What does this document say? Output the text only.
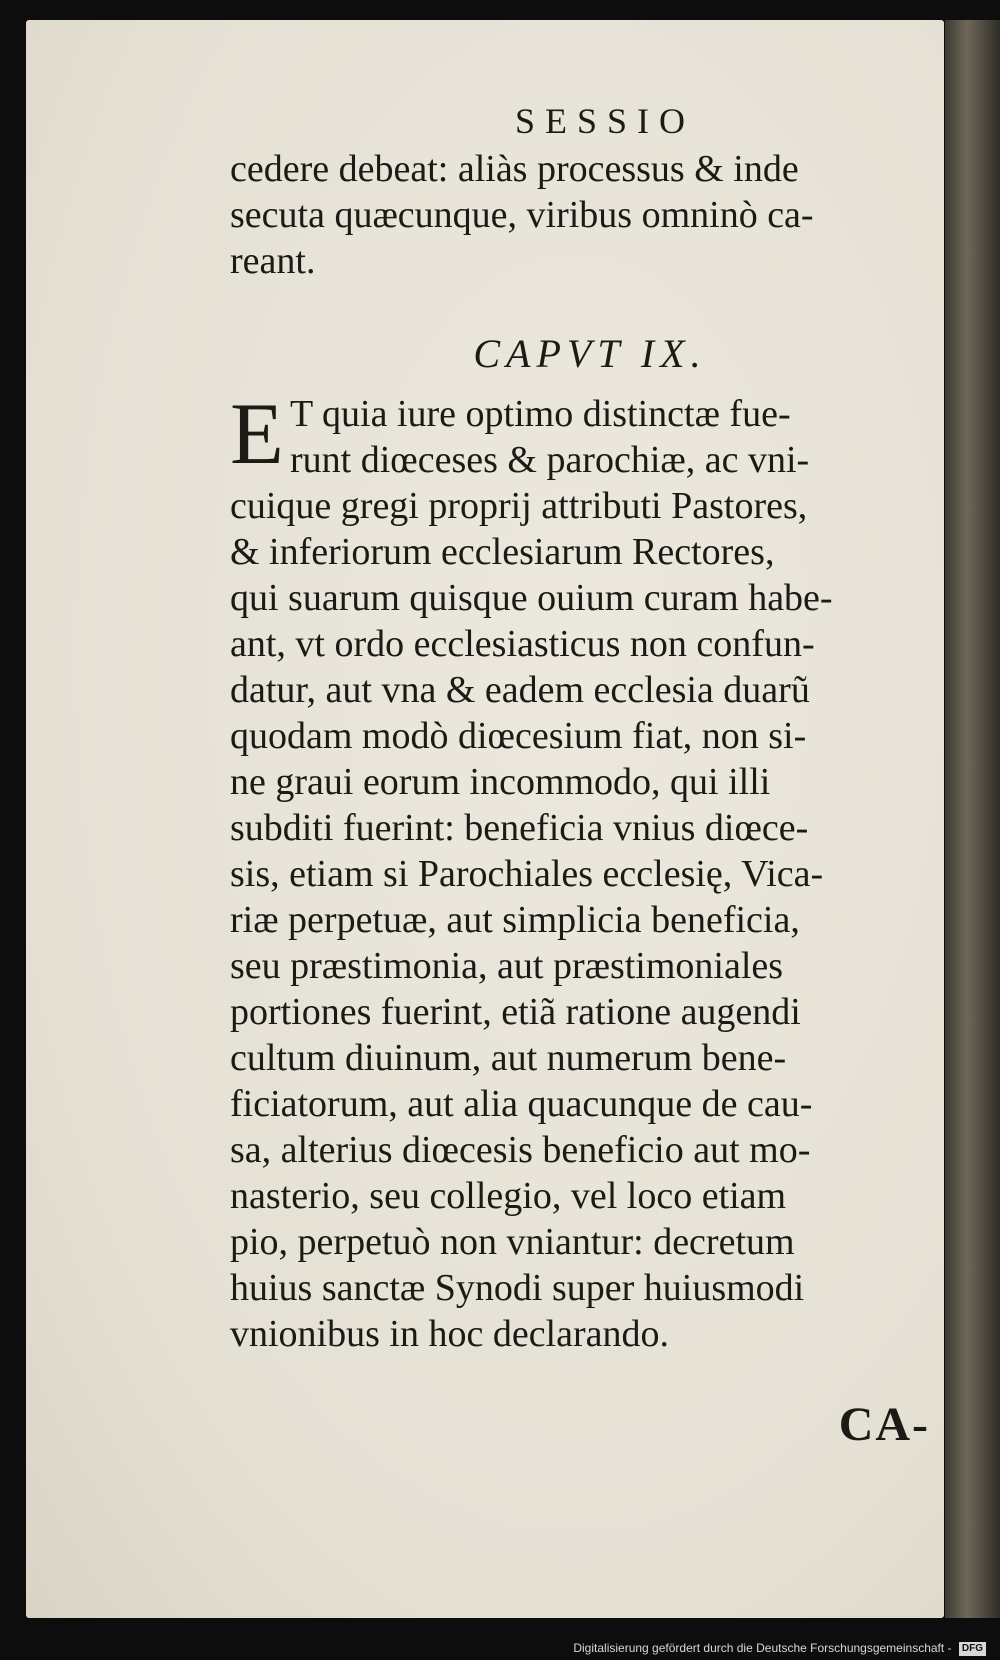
SESSIO
cedere debeat: aliàs processus & inde
secuta quæcunque, viribus omninò ca-
reant.
CAPVT IX.
E T quia iure optimo distinctæ fue-
runt diœceses & parochiæ, ac vni-
cuique gregi proprij attributi Pastores,
& inferiorum ecclesiarum Rectores,
qui suarum quisque ouium curam habe-
ant, vt ordo ecclesiasticus non confun-
datur, aut vna & eadem ecclesia duarũ
quodam modò diœcesium fiat, non si-
ne graui eorum incommodo, qui illi
subditi fuerint: beneficia vnius diœce-
sis, etiam si Parochiales ecclesię, Vica-
riæ perpetuæ, aut simplicia beneficia,
seu præstimonia, aut præstimoniales
portiones fuerint, etiã ratione augendi
cultum diuinum, aut numerum bene-
ficiatorum, aut alia quacunque de cau-
sa, alterius diœcesis beneficio aut mo-
nasterio, seu collegio, vel loco etiam
pio, perpetuò non vniantur: decretum
huius sanctæ Synodi super huiusmodi
vnionibus in hoc declarando.
CA-
Digitalisierung gefördert durch die Deutsche Forschungsgemeinschaft - DFG
